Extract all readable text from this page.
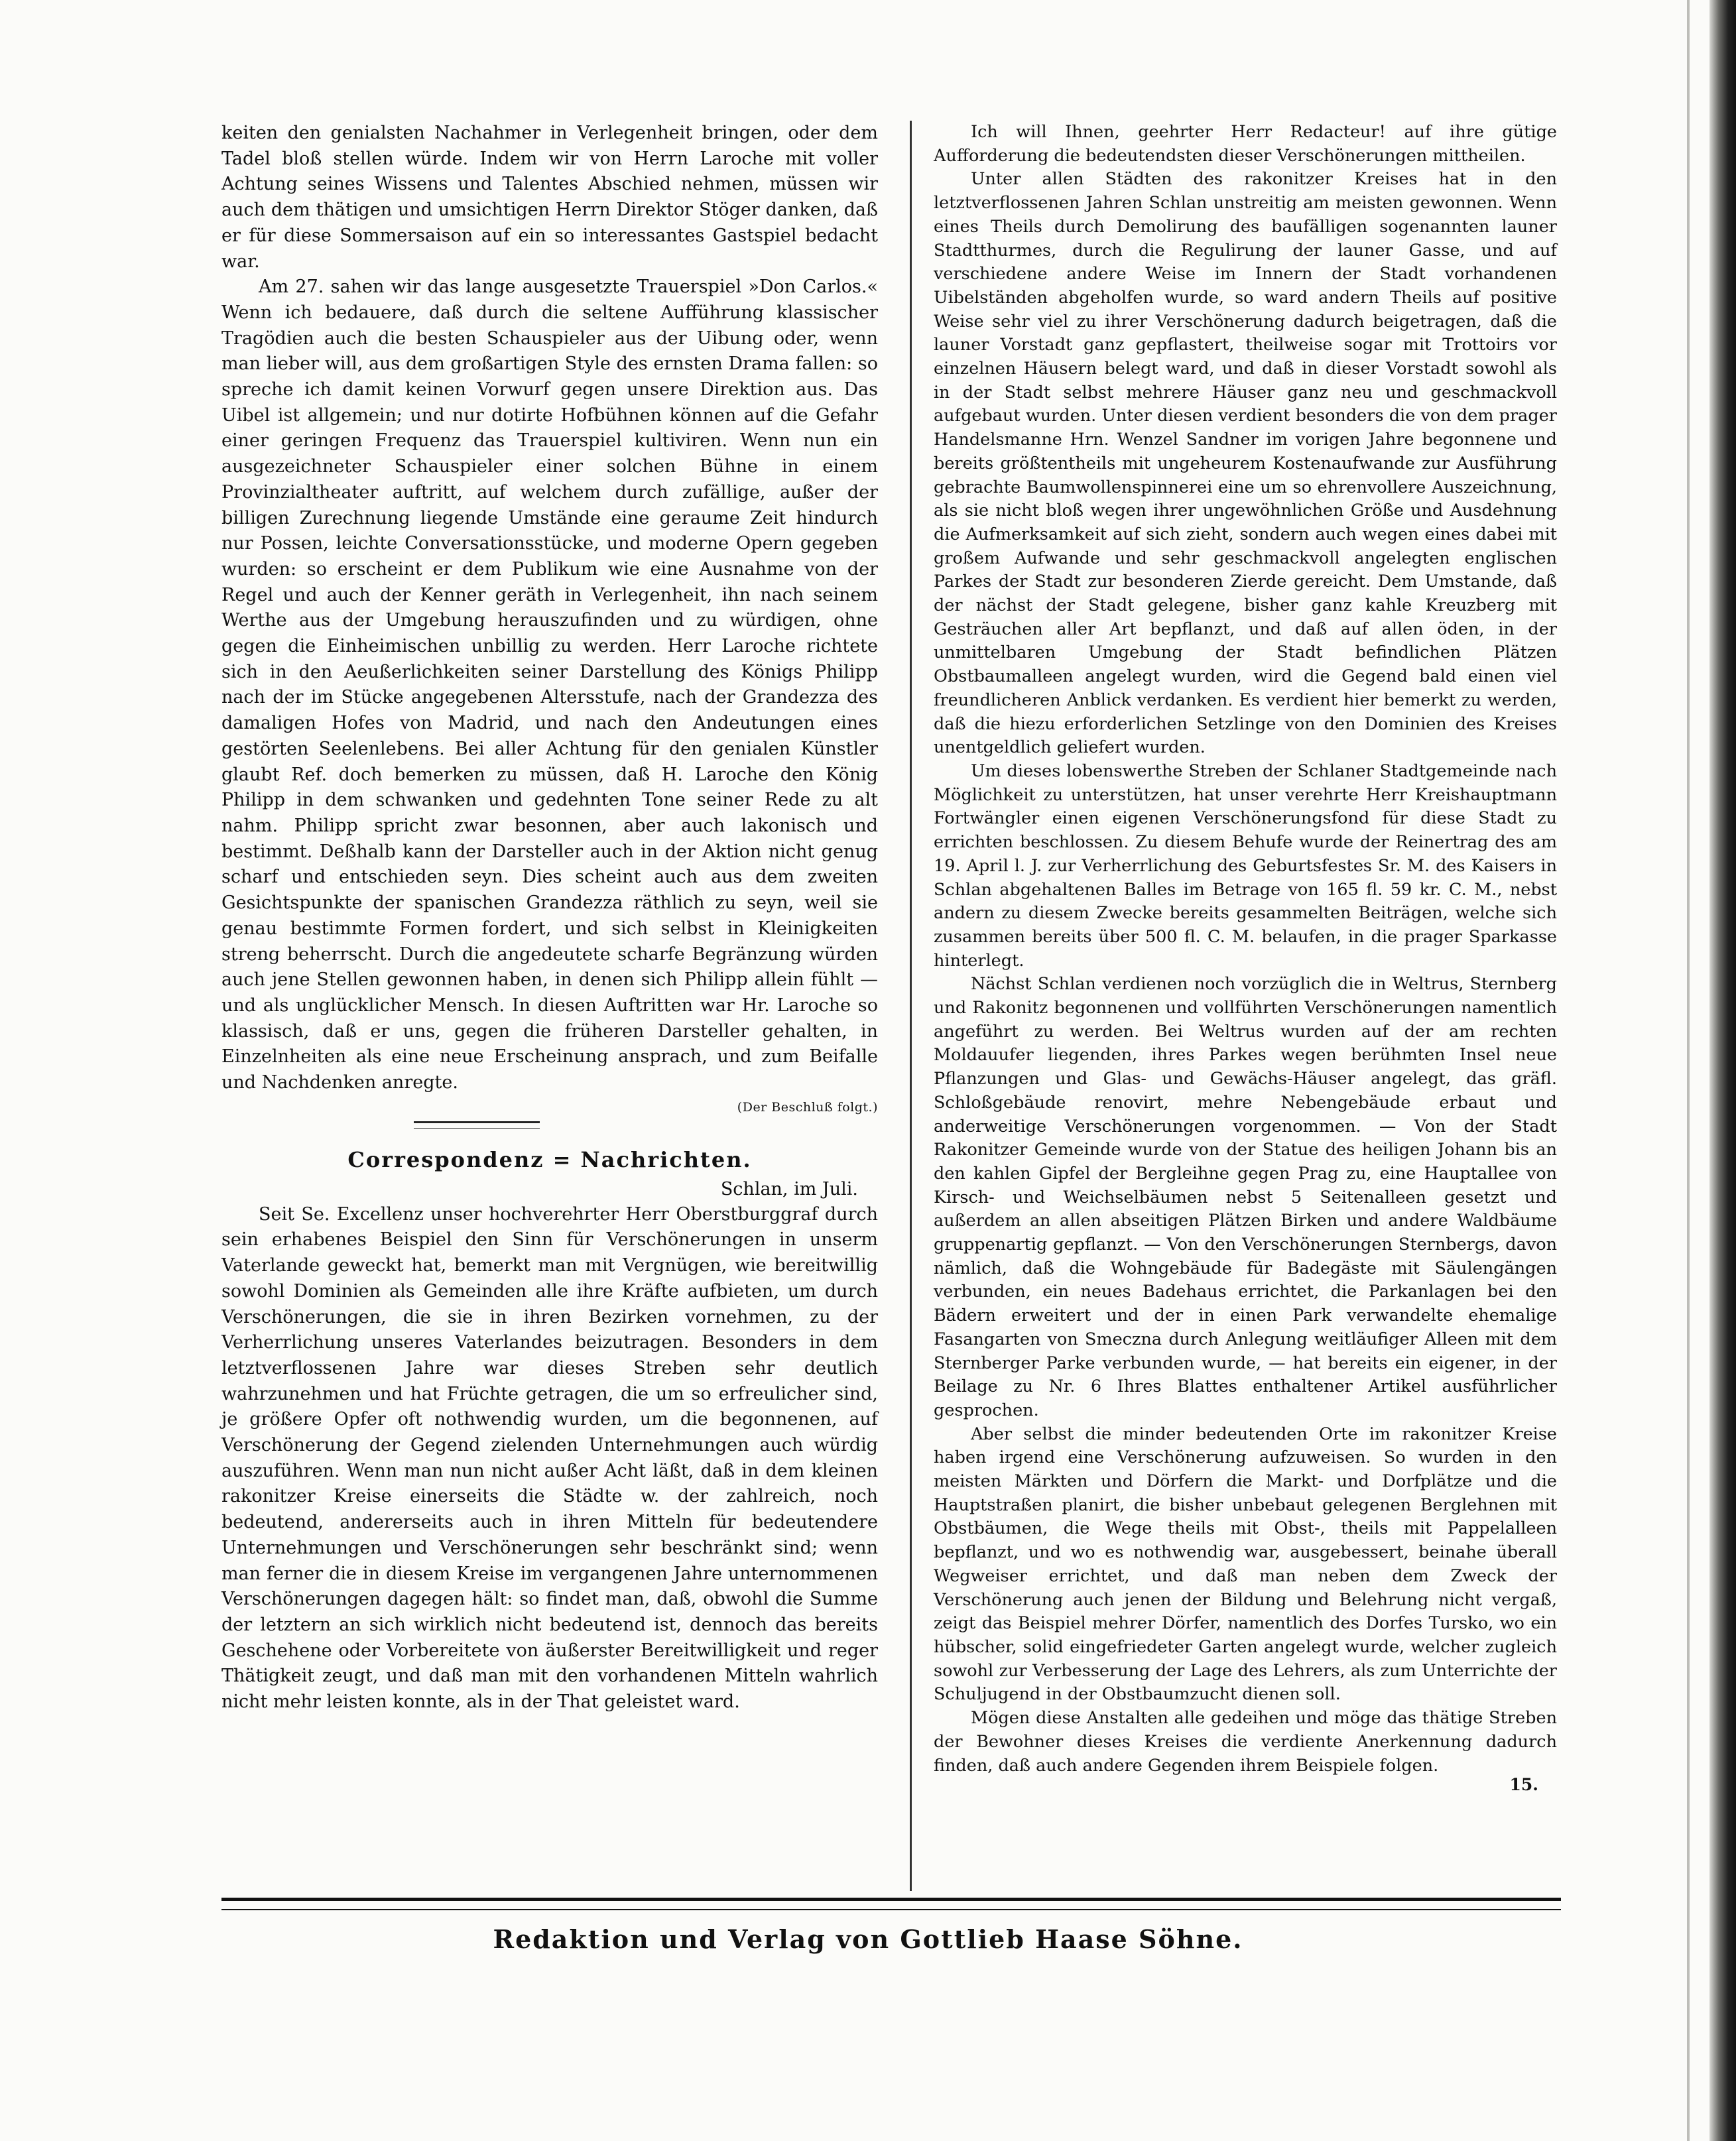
keiten den genialsten Nachahmer in Verlegenheit bringen, oder dem Tadel bloß stellen würde. Indem wir von Herrn Laroche mit voller Achtung seines Wissens und Talentes Abschied nehmen, müssen wir auch dem thätigen und umsichtigen Herrn Direktor Stöger danken, daß er für diese Sommersaison auf ein so interessantes Gastspiel bedacht war.

Am 27. sahen wir das lange ausgesetzte Trauerspiel »Don Carlos.« Wenn ich bedauere, daß durch die seltene Aufführung klassischer Tragödien auch die besten Schauspieler aus der Uibung oder, wenn man lieber will, aus dem großartigen Style des ernsten Drama fallen: so spreche ich damit keinen Vorwurf gegen unsere Direktion aus. Das Uibel ist allgemein; und nur dotirte Hofbühnen können auf die Gefahr einer geringen Frequenz das Trauerspiel kultiviren. Wenn nun ein ausgezeichneter Schauspieler einer solchen Bühne in einem Provinzialtheater auftritt, auf welchem durch zufällige, außer der billigen Zurechnung liegende Umstände eine geraume Zeit hindurch nur Possen, leichte Conversationsstücke, und moderne Opern gegeben wurden: so erscheint er dem Publikum wie eine Ausnahme von der Regel und auch der Kenner geräth in Verlegenheit, ihn nach seinem Werthe aus der Umgebung herauszufinden und zu würdigen, ohne gegen die Einheimischen unbillig zu werden. Herr Laroche richtete sich in den Aeußerlichkeiten seiner Darstellung des Königs Philipp nach der im Stücke angegebenen Altersstufe, nach der Grandezza des damaligen Hofes von Madrid, und nach den Andeutungen eines gestörten Seelenlebens. Bei aller Achtung für den genialen Künstler glaubt Ref. doch bemerken zu müssen, daß H. Laroche den König Philipp in dem schwanken und gedehnten Tone seiner Rede zu alt nahm. Philipp spricht zwar besonnen, aber auch lakonisch und bestimmt. Deßhalb kann der Darsteller auch in der Aktion nicht genug scharf und entschieden seyn. Dies scheint auch aus dem zweiten Gesichtspunkte der spanischen Grandezza räthlich zu seyn, weil sie genau bestimmte Formen fordert, und sich selbst in Kleinigkeiten streng beherrscht. Durch die angedeutete scharfe Begränzung würden auch jene Stellen gewonnen haben, in denen sich Philipp allein fühlt — und als unglücklicher Mensch. In diesen Auftritten war Hr. Laroche so klassisch, daß er uns, gegen die früheren Darsteller gehalten, in Einzelnheiten als eine neue Erscheinung ansprach, und zum Beifalle und Nachdenken anregte.

(Der Beschluß folgt.)
Correspondenz = Nachrichten.
Schlan, im Juli.

Seit Se. Excellenz unser hochverehrter Herr Oberstburggraf durch sein erhabenes Beispiel den Sinn für Verschönerungen in unserm Vaterlande geweckt hat, bemerkt man mit Vergnügen, wie bereitwillig sowohl Dominien als Gemeinden alle ihre Kräfte aufbieten, um durch Verschönerungen, die sie in ihren Bezirken vornehmen, zu der Verherrlichung unseres Vaterlandes beizutragen. Besonders in dem letztverflossenen Jahre war dieses Streben sehr deutlich wahrzunehmen und hat Früchte getragen, die um so erfreulicher sind, je größere Opfer oft nothwendig wurden, um die begonnenen, auf Verschönerung der Gegend zielenden Unternehmungen auch würdig auszuführen. Wenn man nun nicht außer Acht läßt, daß in dem kleinen rakonitzer Kreise einerseits die Städte w. der zahlreich, noch bedeutend, andererseits auch in ihren Mitteln für bedeutendere Unternehmungen und Verschönerungen sehr beschränkt sind; wenn man ferner die in diesem Kreise im vergangenen Jahre unternommenen Verschönerungen dagegen hält: so findet man, daß, obwohl die Summe der letztern an sich wirklich nicht bedeutend ist, dennoch das bereits Geschehene oder Vorbereitete von äußerster Bereitwilligkeit und reger Thätigkeit zeugt, und daß man mit den vorhandenen Mitteln wahrlich nicht mehr leisten konnte, als in der That geleistet ward.

Ich will Ihnen, geehrter Herr Redacteur! auf ihre gütige Aufforderung die bedeutendsten dieser Verschönerungen mittheilen.

Unter allen Städten des rakonitzer Kreises hat in den letztverflossenen Jahren Schlan unstreitig am meisten gewonnen. Wenn eines Theils durch Demolirung des baufälligen sogenannten launer Stadtthurmes, durch die Regulirung der launer Gasse, und auf verschiedene andere Weise im Innern der Stadt vorhandenen Uibelständen abgeholfen wurde, so ward andern Theils auf positive Weise sehr viel zu ihrer Verschönerung dadurch beigetragen, daß die launer Vorstadt ganz gepflastert, theilweise sogar mit Trottoirs vor einzelnen Häusern belegt ward, und daß in dieser Vorstadt sowohl als in der Stadt selbst mehrere Häuser ganz neu und geschmackvoll aufgebaut wurden. Unter diesen verdient besonders die von dem prager Handelsmanne Hrn. Wenzel Sandner im vorigen Jahre begonnene und bereits größtentheils mit ungeheurem Kostenaufwande zur Ausführung gebrachte Baumwollenspinnerei eine um so ehrenvollere Auszeichnung, als sie nicht bloß wegen ihrer ungewöhnlichen Größe und Ausdehnung die Aufmerksamkeit auf sich zieht, sondern auch wegen eines dabei mit großem Aufwande und sehr geschmackvoll angelegten englischen Parkes der Stadt zur besonderen Zierde gereicht. Dem Umstande, daß der nächst der Stadt gelegene, bisher ganz kahle Kreuzberg mit Gesträuchen aller Art bepflanzt, und daß auf allen öden, in der unmittelbaren Umgebung der Stadt befindlichen Plätzen Obstbaumalleen angelegt wurden, wird die Gegend bald einen viel freundlicheren Anblick verdanken. Es verdient hier bemerkt zu werden, daß die hiezu erforderlichen Setzlinge von den Dominien des Kreises unentgeldlich geliefert wurden.

Um dieses lobenswerthe Streben der Schlaner Stadtgemeinde nach Möglichkeit zu unterstützen, hat unser verehrte Herr Kreishauptmann Fortwängler einen eigenen Verschönerungsfond für diese Stadt zu errichten beschlossen. Zu diesem Behufe wurde der Reinertrag des am 19. April l. J. zur Verherrlichung des Geburtsfestes Sr. M. des Kaisers in Schlan abgehaltenen Balles im Betrage von 165 fl. 59 kr. C. M., nebst andern zu diesem Zwecke bereits gesammelten Beiträgen, welche sich zusammen bereits über 500 fl. C. M. belaufen, in die prager Sparkasse hinterlegt.

Nächst Schlan verdienen noch vorzüglich die in Weltrus, Sternberg und Rakonitz begonnenen und vollführten Verschönerungen namentlich angeführt zu werden. Bei Weltrus wurden auf der am rechten Moldauufer liegenden, ihres Parkes wegen berühmten Insel neue Pflanzungen und Glas- und Gewächs-Häuser angelegt, das gräfl. Schloßgebäude renovirt, mehre Nebengebäude erbaut und anderweitige Verschönerungen vorgenommen. — Von der Stadt Rakonitzer Gemeinde wurde von der Statue des heiligen Johann bis an den kahlen Gipfel der Bergleihne gegen Prag zu, eine Hauptallee von Kirsch- und Weichselbäumen nebst 5 Seitenalleen gesetzt und außerdem an allen abseitigen Plätzen Birken und andere Waldbäume gruppenartig gepflanzt. — Von den Verschönerungen Sternbergs, davon nämlich, daß die Wohngebäude für Badegäste mit Säulengängen verbunden, ein neues Badehaus errichtet, die Parkanlagen bei den Bädern erweitert und der in einen Park verwandelte ehemalige Fasangarten von Smeczna durch Anlegung weitläufiger Alleen mit dem Sternberger Parke verbunden wurde, — hat bereits ein eigener, in der Beilage zu Nr. 6 Ihres Blattes enthaltener Artikel ausführlicher gesprochen.

Aber selbst die minder bedeutenden Orte im rakonitzer Kreise haben irgend eine Verschönerung aufzuweisen. So wurden in den meisten Märkten und Dörfern die Markt- und Dorfplätze und die Hauptstraßen planirt, die bisher unbebaut gelegenen Berglehnen mit Obstbäumen, die Wege theils mit Obst-, theils mit Pappelalleen bepflanzt, und wo es nothwendig war, ausgebessert, beinahe überall Wegweiser errichtet, und daß man neben dem Zweck der Verschönerung auch jenen der Bildung und Belehrung nicht vergaß, zeigt das Beispiel mehrer Dörfer, namentlich des Dorfes Tursko, wo ein hübscher, solid eingefriedeter Garten angelegt wurde, welcher zugleich sowohl zur Verbesserung der Lage des Lehrers, als zum Unterrichte der Schuljugend in der Obstbaumzucht dienen soll.

Mögen diese Anstalten alle gedeihen und möge das thätige Streben der Bewohner dieses Kreises die verdiente Anerkennung dadurch finden, daß auch andere Gegenden ihrem Beispiele folgen.

15.
Redaktion und Verlag von Gottlieb Haase Söhne.
